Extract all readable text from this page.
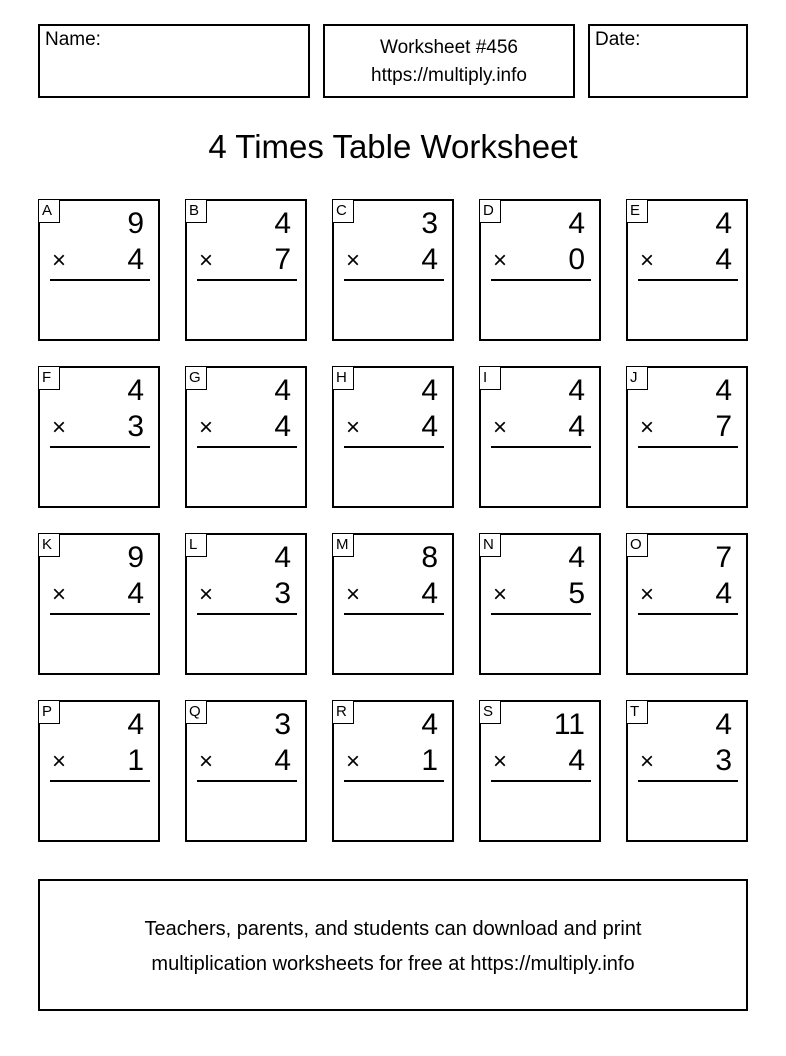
Name:	Worksheet #456
https://multiply.info
Date:
4 Times Table Worksheet
A	9
× 4
B	4
× 7
C 3
× 4
D 4
× 0
E	4
× 4
F	4
× 3
G 4
× 4
H 4
× 4
I	4
× 4
J	4
× 7
K	9
× 4
L	4
× 3
M 8
× 4
N 4
× 5
O 7
× 4
P	4
× 1
Q 3
× 4
R 4
× 1
S 11
× 4
T	4
× 3
Teachers, parents, and students can download and print
multiplication worksheets for free at https://multiply.info
